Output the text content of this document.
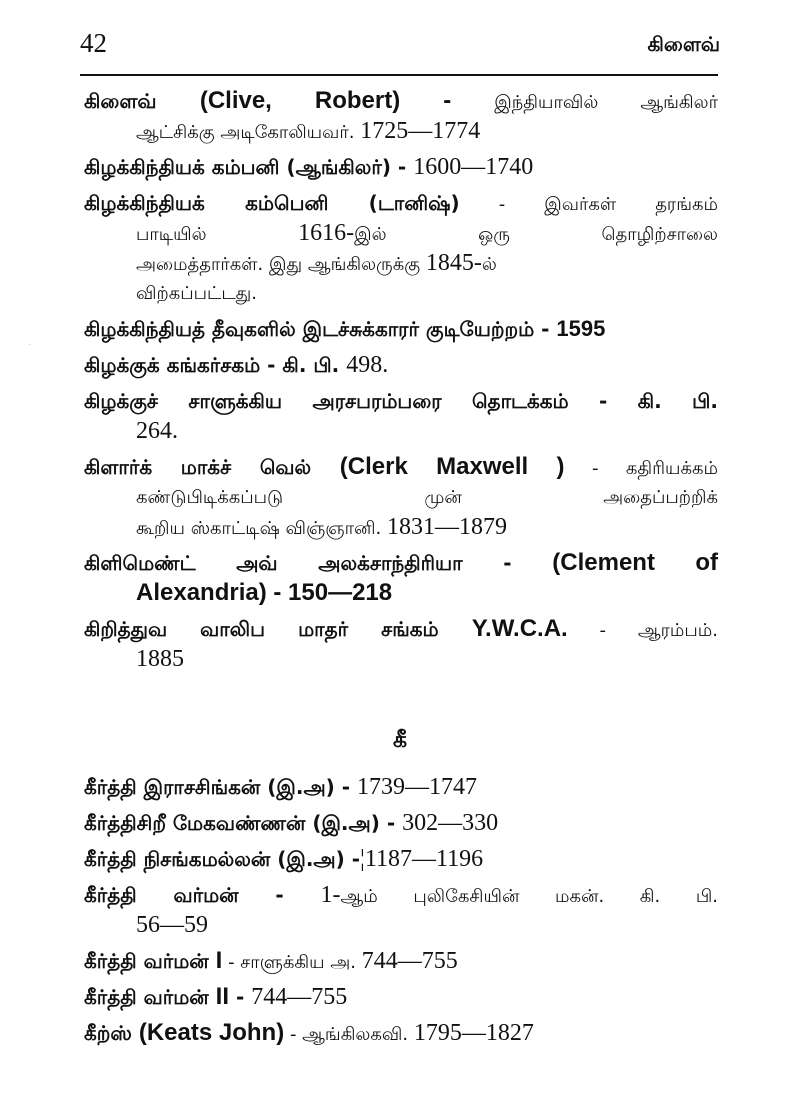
42	கிளைவ்
·
கிளைவ் (Clive, Robert) - இந்தியாவில் ஆங்கிலர்
ஆட்சிக்கு அடிகோலியவர். 1725—1774
கிழக்கிந்தியக் கம்பனி (ஆங்கிலர்) - 1600—1740
கிழக்கிந்தியக் கம்பெனி (டானிஷ்) - இவர்கள் தரங்கம்
பாடியில் 1616-இல் ஒரு தொழிற்சாலை
அமைத்தார்கள். இது ஆங்கிலருக்கு 1845-ல்
விற்கப்பட்டது.
கிழக்கிந்தியத் தீவுகளில் இடச்சுக்காரர் குடியேற்றம் - 1595
கிழக்குக் கங்கர்சகம் - கி. பி. 498.
கிழக்குச் சாளுக்கிய அரசபரம்பரை தொடக்கம் - கி. பி.
264.
கிளார்க் மாக்ச் வெல் (Clerk Maxwell ) - கதிரியக்கம்
கண்டுபிடிக்கப்படு முன் அதைப்பற்றிக்
கூறிய ஸ்காட்டிஷ் விஞ்ஞானி. 1831—1879
கிளிமெண்ட் அவ் அலக்சாந்திரியா - (Clement of
Alexandria) - 150—218
கிறித்துவ வாலிப மாதர் சங்கம் Y.W.C.A. - ஆரம்பம்.
1885
கீ
கீர்த்தி இராசசிங்கன் (இ.அ) - 1739—1747
கீர்த்திசிறீ மேகவண்ணன் (இ.அ) - 302—330
கீர்த்தி நிசங்கமல்லன் (இ.அ) -¦1187—1196
கீர்த்தி வர்மன் - 1-ஆம் புலிகேசியின் மகன். கி. பி.
56—59
கீர்த்தி வர்மன் I - சாளுக்கிய அ. 744—755
கீர்த்தி வர்மன் II - 744—755
கீற்ஸ் (Keats John) - ஆங்கிலகவி. 1795—1827
